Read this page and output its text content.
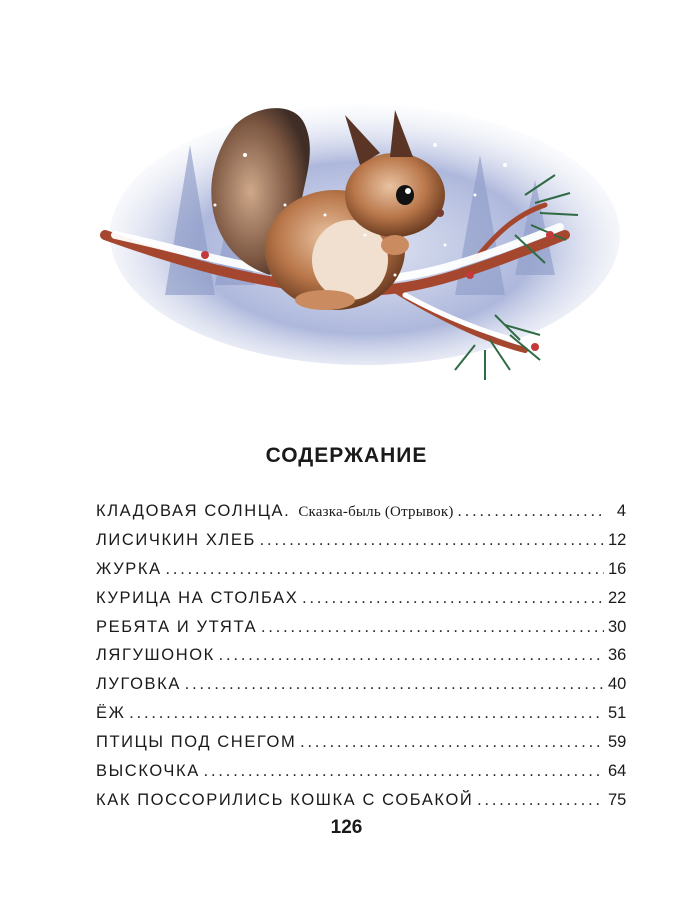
СОДЕРЖАНИЕ
КЛАДОВАЯ СОЛНЦА. Сказка-быль (Отрывок) .....	4
ЛИСИЧКИН ХЛЕБ .....	12
ЖУРКА .....	16
КУРИЦА НА СТОЛБАХ .....	22
РЕБЯТА И УТЯТА .....	30
ЛЯГУШОНОК .....	36
ЛУГОВКА .....	40
ЁЖ .....	51
ПТИЦЫ ПОД СНЕГОМ .....	59
ВЫСКОЧКА .....	64
КАК ПОССОРИЛИСЬ КОШКА С СОБАКОЙ .....	75
126
